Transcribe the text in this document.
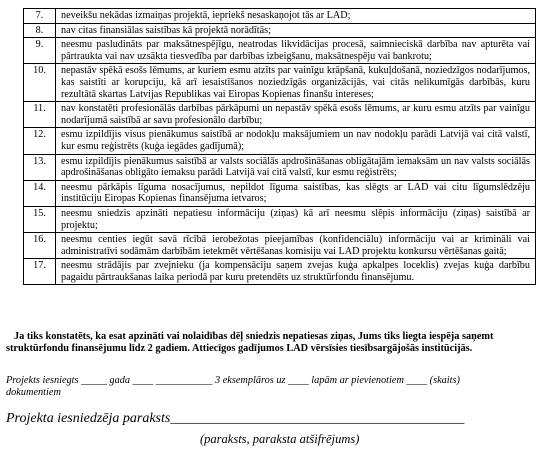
7.	neveikšu nekādas izmaiņas projektā, iepriekš nesaskaņojot tās ar LAD;
8.	nav citas finansiālas saistības kā projektā norādītās;
9.	neesmu pasludināts par maksātnespējīgu, neatrodas likvidācijas procesā, saimnieciskā darbība nav apturēta vai pārtraukta vai nav uzsākta tiesvedība par darbības izbeigšanu, maksātnespēju vai bankrotu;
10.	nepastāv spēkā esošs lēmums, ar kuriem esmu atzīts par vainīgu krāpšanā, kukuļdošanā, noziedzīgos nodarījumos, kas saistīti ar korupciju, kā arī iesaistīšanos noziedzīgās organizācijās, vai citās nelikumīgās darbībās, kuru rezultātā skartas Latvijas Republikas vai Eiropas Kopienas finanšu intereses;
11.	nav konstatēti profesionālās darbības pārkāpumi un nepastāv spēkā esošs lēmums, ar kuru esmu atzīts par vainīgu nodarījumā saistībā ar savu profesionālo darbību;
12.	esmu izpildījis visus pienākumus saistībā ar nodokļu maksājumiem un nav nodokļu parādi Latvijā vai citā valstī, kur esmu reģistrēts (kuģa iegādes gadījumā);
13.	esmu izpildījis pienākumus saistībā ar valsts sociālās apdrošināšanas obligātajām iemaksām un nav valsts sociālās apdrošināšanas obligāto iemaksu parādi Latvijā vai citā valstī, kur esmu reģistrēts;
14.	neesmu pārkāpis līguma nosacījumus, nepildot līguma saistības, kas slēgts ar LAD vai citu līgumslēdzēju institūciju Eiropas Kopienas finansējuma ietvaros;
15.	neesmu sniedzis apzināti nepatiesu informāciju (ziņas) kā arī neesmu slēpis informāciju (ziņas) saistībā ar projektu;
16.	neesmu centies iegūt savā rīcībā ierobežotas pieejamības (konfidenciālu) informāciju vai ar krimināli vai administratīvi sodāmām darbībām ietekmēt vērtēšanas komisiju vai LAD projektu konkursu vērtēšanas gaitā;
17.	neesmu strādājis par zvejnieku (ja kompensāciju saņem zvejas kuģa apkalpes loceklis) zvejas kuģa darbību pagaidu pārtraukšanas laika periodā par kuru pretendēts uz struktūrfondu finansējumu.

Ja tiks konstatēts, ka esat apzināti vai nolaidības dēļ sniedzis nepatiesas ziņas, Jums tiks liegta iespēja saņemt

struktūrfondu finansējumu līdz 2 gadiem. Attiecīgos gadījumos LAD vērsīsies tiesībsargājošās institūcijās.

Projekts iesniegts _____ gada ____ ___________ 3 eksemplāros uz ____ lapām ar pievienotiem ____ (skaits)

dokumentiem

Projekta iesniedzēja paraksts__________________________________________
(paraksts, paraksta atšifrējums)
